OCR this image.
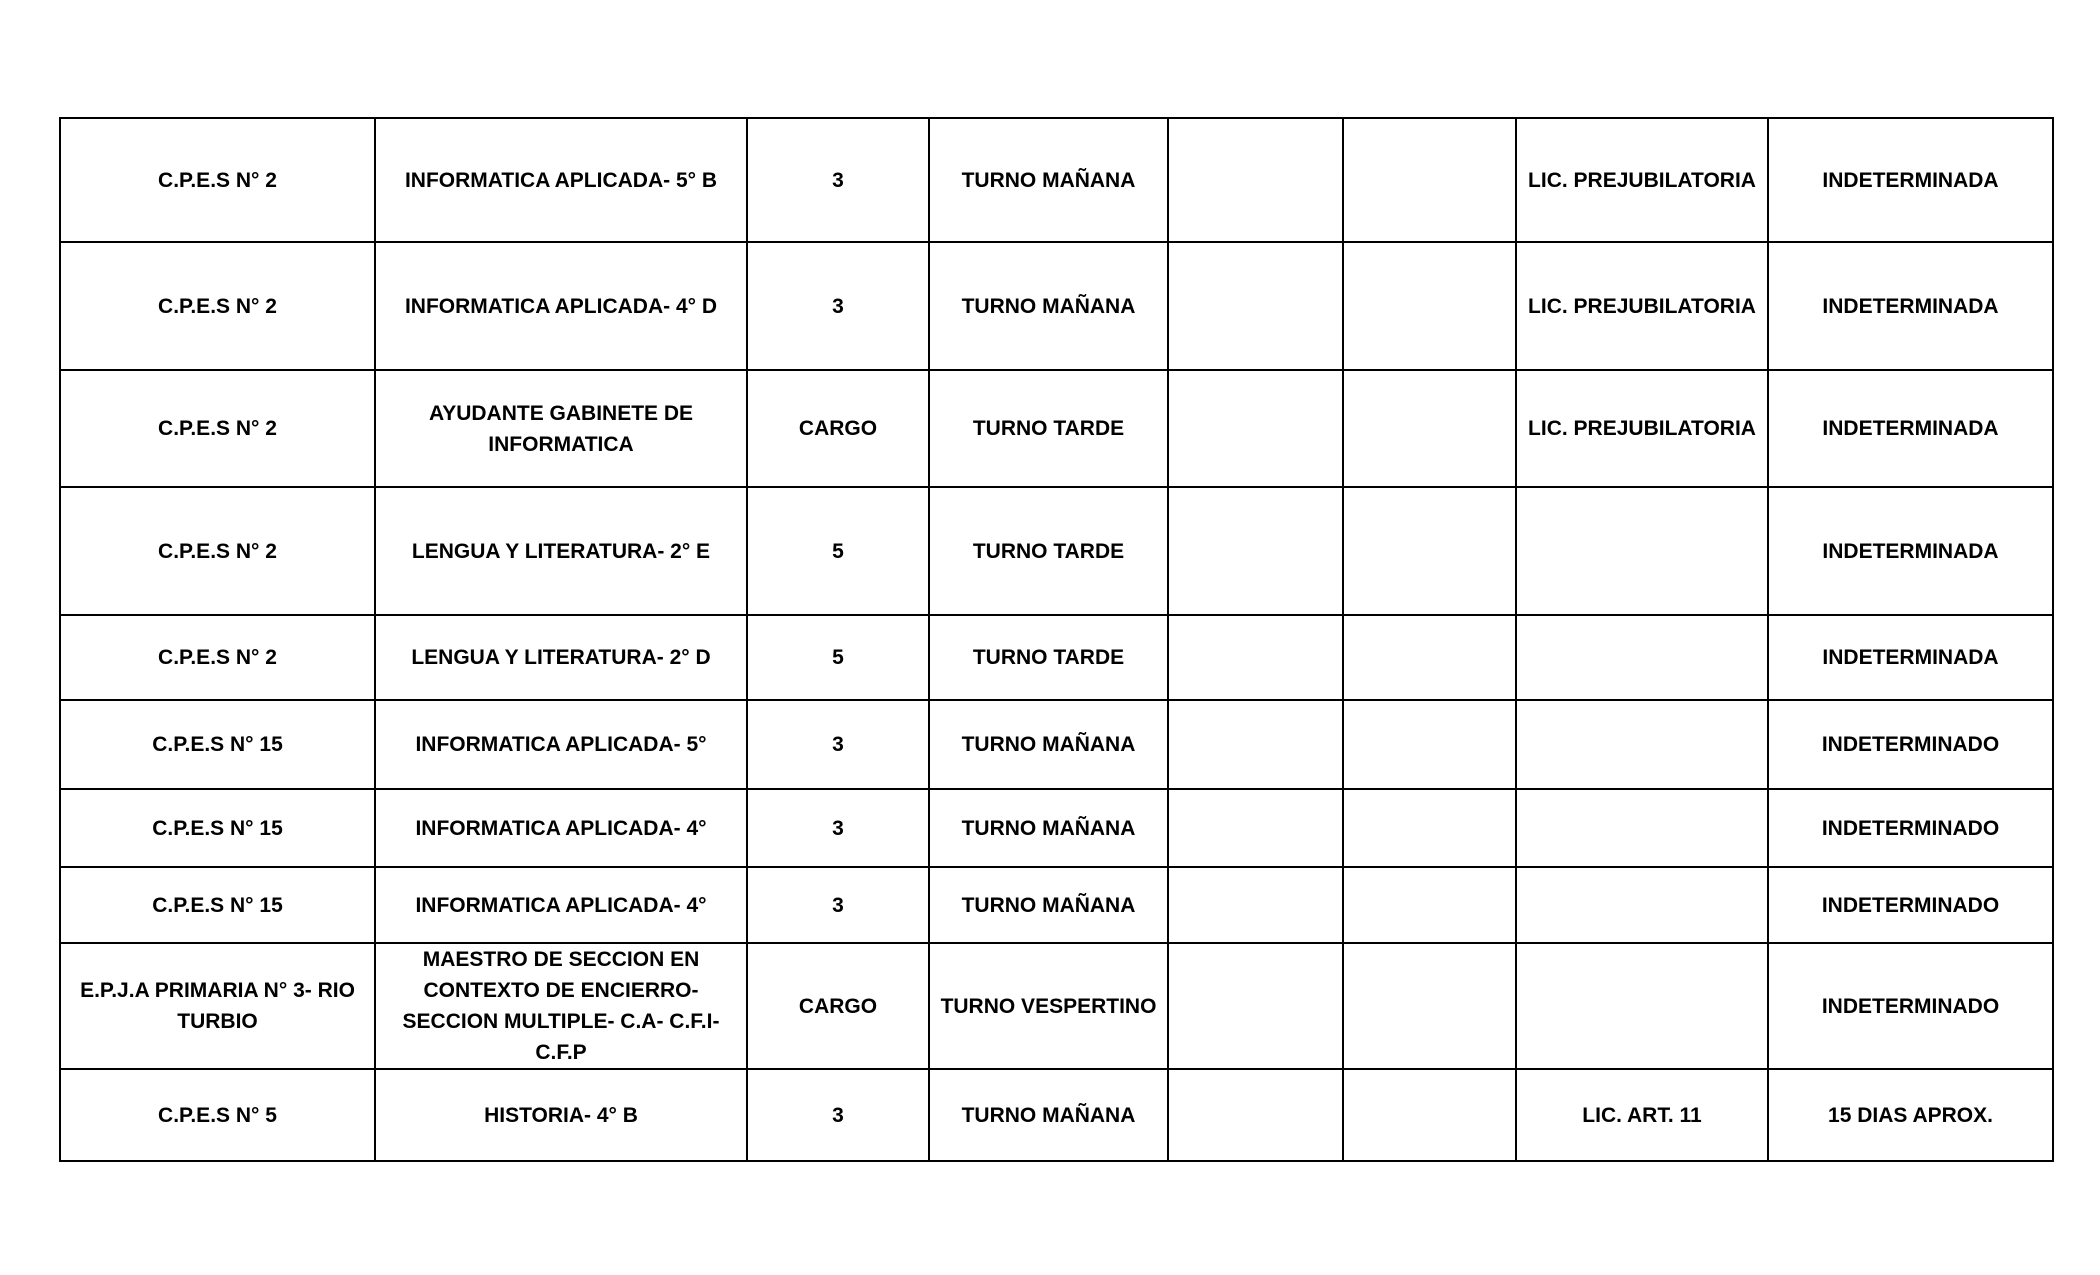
C.P.E.S N° 2	INFORMATICA APLICADA- 5° B	3	TURNO MAÑANA			LIC. PREJUBILATORIA	INDETERMINADA
C.P.E.S N° 2	INFORMATICA APLICADA- 4° D	3	TURNO MAÑANA			LIC. PREJUBILATORIA	INDETERMINADA
C.P.E.S N° 2	AYUDANTE GABINETE DE INFORMATICA	CARGO	TURNO TARDE			LIC. PREJUBILATORIA	INDETERMINADA
C.P.E.S N° 2	LENGUA Y LITERATURA- 2° E	5	TURNO TARDE				INDETERMINADA
C.P.E.S N° 2	LENGUA Y LITERATURA- 2° D	5	TURNO TARDE				INDETERMINADA
C.P.E.S N° 15	INFORMATICA APLICADA- 5°	3	TURNO MAÑANA				INDETERMINADO
C.P.E.S N° 15	INFORMATICA APLICADA- 4°	3	TURNO MAÑANA				INDETERMINADO
C.P.E.S N° 15	INFORMATICA APLICADA- 4°	3	TURNO MAÑANA				INDETERMINADO
E.P.J.A PRIMARIA N° 3- RIO TURBIO	MAESTRO DE SECCION EN CONTEXTO DE ENCIERRO- SECCION MULTIPLE- C.A- C.F.I- C.F.P	CARGO	TURNO VESPERTINO				INDETERMINADO
C.P.E.S N° 5	HISTORIA- 4° B	3	TURNO MAÑANA			LIC. ART. 11	15 DIAS APROX.
